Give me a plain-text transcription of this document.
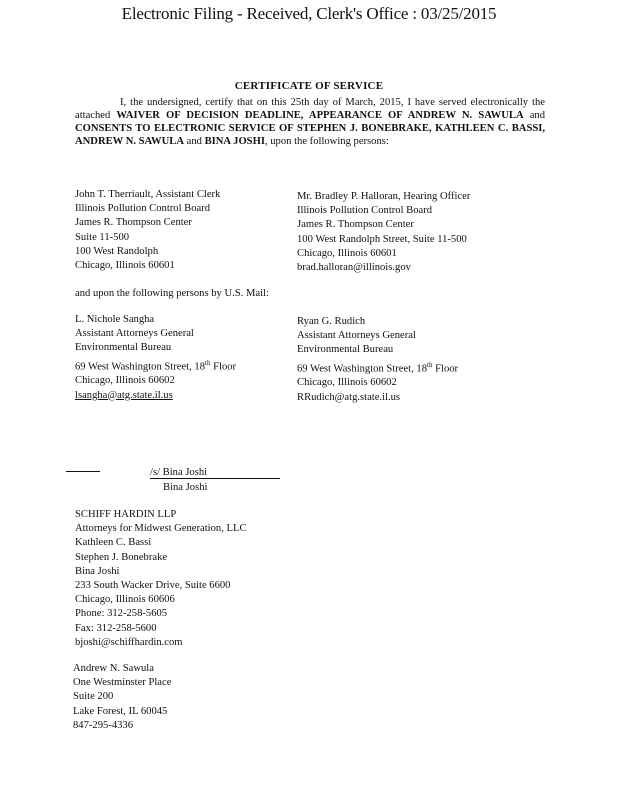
Electronic Filing - Received, Clerk's Office : 03/25/2015
CERTIFICATE OF SERVICE
I, the undersigned, certify that on this 25th day of March, 2015, I have served electronically the attached WAIVER OF DECISION DEADLINE, APPEARANCE OF ANDREW N. SAWULA and CONSENTS TO ELECTRONIC SERVICE OF STEPHEN J. BONEBRAKE, KATHLEEN C. BASSI, ANDREW N. SAWULA and BINA JOSHI, upon the following persons:
John T. Therriault, Assistant Clerk
Illinois Pollution Control Board
James R. Thompson Center
Suite 11-500
100 West Randolph
Chicago, Illinois 60601
Mr. Bradley P. Halloran, Hearing Officer
Illinois Pollution Control Board
James R. Thompson Center
100 West Randolph Street, Suite 11-500
Chicago, Illinois 60601
brad.halloran@illinois.gov
and upon the following persons by U.S. Mail:
L. Nichole Sangha
Assistant Attorneys General
Environmental Bureau
69 West Washington Street, 18th Floor
Chicago, Illinois 60602
lsangha@atg.state.il.us
Ryan G. Rudich
Assistant Attorneys General
Environmental Bureau
69 West Washington Street, 18th Floor
Chicago, Illinois 60602
RRudich@atg.state.il.us
/s/ Bina Joshi
Bina Joshi
SCHIFF HARDIN LLP
Attorneys for Midwest Generation, LLC
Kathleen C. Bassi
Stephen J. Bonebrake
Bina Joshi
233 South Wacker Drive, Suite 6600
Chicago, Illinois 60606
Phone: 312-258-5605
Fax: 312-258-5600
bjoshi@schiffhardin.com
Andrew N. Sawula
One Westminster Place
Suite 200
Lake Forest, IL 60045
847-295-4336
